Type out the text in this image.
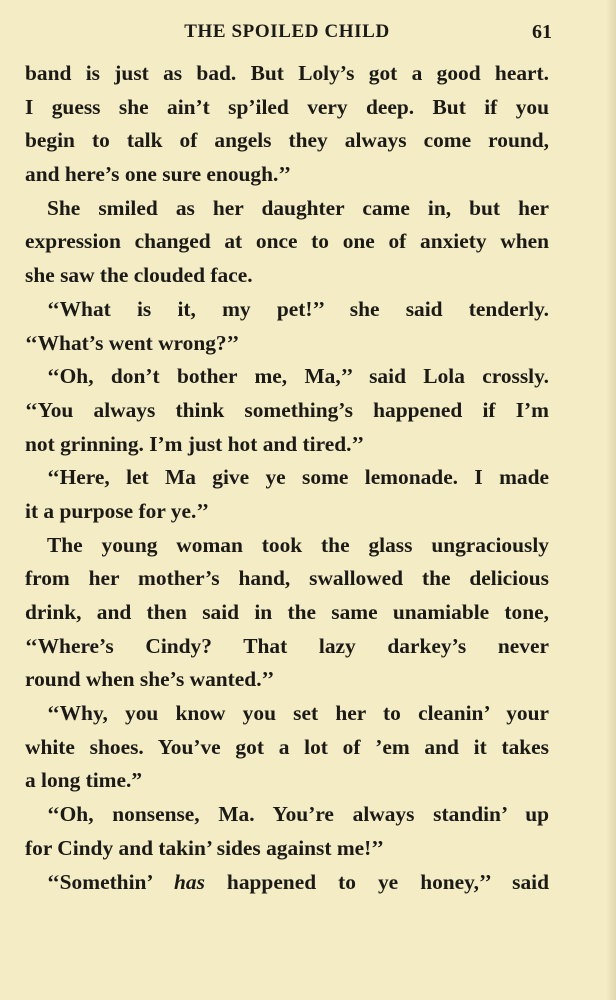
THE SPOILED CHILD	61
band is just as bad. But Loly’s got a good heart.
I guess she ain’t sp’iled very deep. But if you
begin to talk of angels they always come round,
and here’s one sure enough.’’
She smiled as her daughter came in, but her
expression changed at once to one of anxiety when
she saw the clouded face.
‘‘What is it, my pet!’’ she said tenderly.
‘‘What’s went wrong?’’
‘‘Oh, don’t bother me, Ma,’’ said Lola crossly.
‘‘You always think something’s happened if I’m
not grinning. I’m just hot and tired.’’
‘‘Here, let Ma give ye some lemonade. I made
it a purpose for ye.’’
The young woman took the glass ungraciously
from her mother’s hand, swallowed the delicious
drink, and then said in the same unamiable tone,
‘‘Where’s Cindy? That lazy darkey’s never
round when she’s wanted.’’
‘‘Why, you know you set her to cleanin’ your
white shoes. You’ve got a lot of ’em and it takes
a long time.”
‘‘Oh, nonsense, Ma. You’re always standin’ up
for Cindy and takin’ sides against me!’’
‘‘Somethin’ has happened to ye honey,’’ said
